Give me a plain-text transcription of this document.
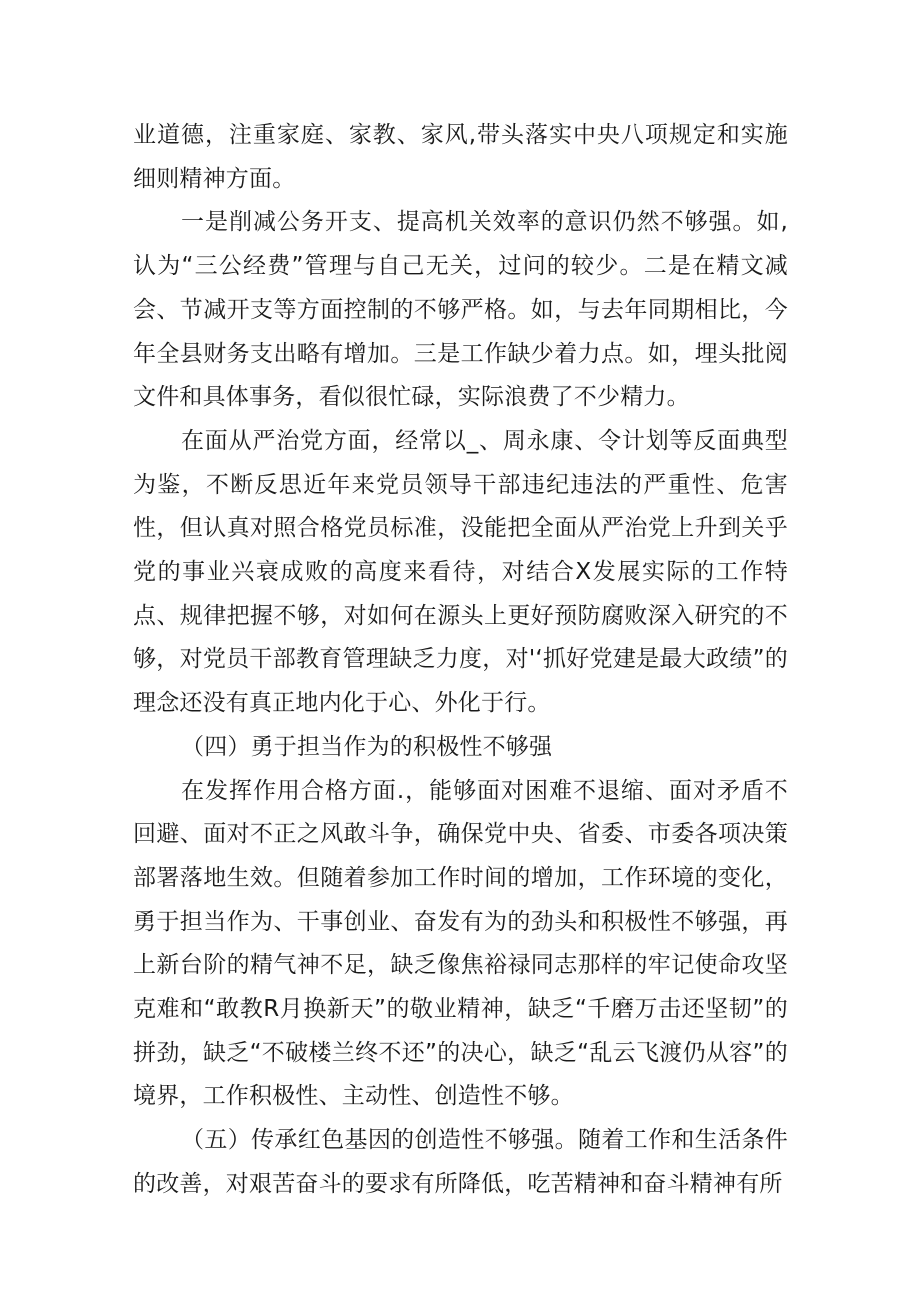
业道德，注重家庭、家教、家风,带头落实中央八项规定和实施细则精神方面。

一是削减公务开支、提高机关效率的意识仍然不够强。如,认为“三公经费”管理与自己无关，过问的较少。二是在精文减会、节减开支等方面控制的不够严格。如，与去年同期相比，今年全县财务支出略有增加。三是工作缺少着力点。如，埋头批阅文件和具体事务，看似很忙碌，实际浪费了不少精力。

在面从严治党方面，经常以_、周永康、令计划等反面典型为鉴，不断反思近年来党员领导干部违纪违法的严重性、危害性，但认真对照合格党员标准，没能把全面从严治党上升到关乎党的事业兴衰成败的高度来看待，对结合X发展实际的工作特点、规律把握不够，对如何在源头上更好预防腐败深入研究的不够，对党员干部教育管理缺乏力度，对'‘抓好党建是最大政绩”的理念还没有真正地内化于心、外化于行。

（四）勇于担当作为的积极性不够强

在发挥作用合格方面.，能够面对困难不退缩、面对矛盾不回避、面对不正之风敢斗争，确保党中央、省委、市委各项决策部署落地生效。但随着参加工作时间的增加，工作环境的变化，勇于担当作为、干事创业、奋发有为的劲头和积极性不够强，再上新台阶的精气神不足，缺乏像焦裕禄同志那样的牢记使命攻坚克难和“敢教R月换新天”的敬业精神，缺乏“千磨万击还坚韧”的拼劲，缺乏“不破楼兰终不还”的决心，缺乏“乱云飞渡仍从容”的境界，工作积极性、主动性、创造性不够。

（五）传承红色基因的创造性不够强。随着工作和生活条件的改善，对艰苦奋斗的要求有所降低，吃苦精神和奋斗精神有所
